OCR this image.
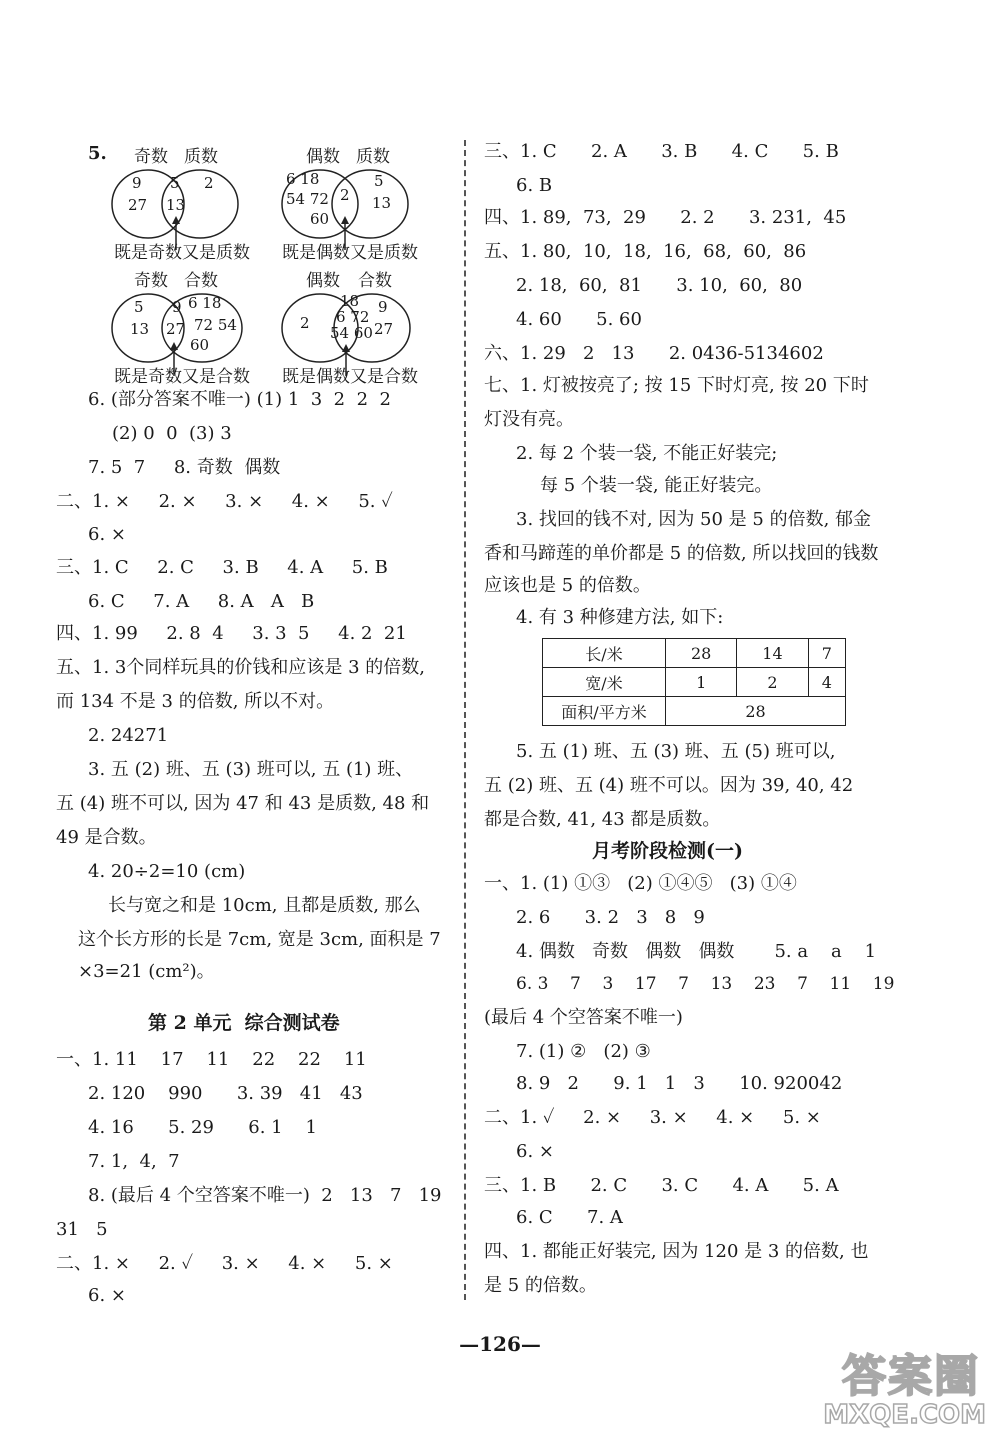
5. 奇数 质数
9
27
5
13
2
既是奇数又是质数
偶数 质数
6 18
54 72
60
2
5
13
既是偶数又是质数
奇数 合数
5
13
9
27
6 18
72 54
60
既是奇数又是合数
偶数 合数
2
18
6 72
54 60
9
27
既是偶数又是合数
6. (部分答案不唯一) (1) 1  3  2  2  2
(2) 0  0  (3) 3
7. 5  7     8. 奇数  偶数
二、1. ×     2. ×     3. ×     4. ×     5. ✓
6. ×
三、1. C     2. C     3. B     4. A     5. B
6. C     7. A     8. A   A   B
四、1. 99     2. 8  4     3. 3  5     4. 2  21
五、1. 3个同样玩具的价钱和应该是 3 的倍数,
而 134 不是 3 的倍数, 所以不对。
2. 24271
3. 五 (2) 班、五 (3) 班可以, 五 (1) 班、
五 (4) 班不可以, 因为 47 和 43 是质数, 48 和
49 是合数。
4. 20÷2=10 (cm)
长与宽之和是 10cm, 且都是质数, 那么
这个长方形的长是 7cm, 宽是 3cm, 面积是 7
×3=21 (cm²)。
第 2 单元  综合测试卷
一、1. 11    17    11    22    22    11
2. 120    990      3. 39   41   43
4. 16      5. 29      6. 1    1
7. 1,  4,  7
8. (最后 4 个空答案不唯一)  2   13   7   19
31   5
二、1. ×     2. ✓     3. ×     4. ×     5. ×
6. ×
三、1. C      2. A      3. B      4. C      5. B
6. B
四、1. 89,  73,  29      2. 2      3. 231,  45
五、1. 80,  10,  18,  16,  68,  60,  86
2. 18,  60,  81      3. 10,  60,  80
4. 60      5. 60
六、1. 29   2   13      2. 0436-5134602
七、1. 灯被按亮了; 按 15 下时灯亮, 按 20 下时
灯没有亮。
2. 每 2 个装一袋, 不能正好装完;
每 5 个装一袋, 能正好装完。
3. 找回的钱不对, 因为 50 是 5 的倍数, 郁金
香和马蹄莲的单价都是 5 的倍数, 所以找回的钱数
应该也是 5 的倍数。
4. 有 3 种修建方法, 如下:
长/米	28	14	7
宽/米	1	2	4
面积/平方米	28		
5. 五 (1) 班、五 (3) 班、五 (5) 班可以,
五 (2) 班、五 (4) 班不可以。因为 39, 40, 42
都是合数, 41, 43 都是质数。
月考阶段检测(一)
一、1. (1) ①③   (2) ①④⑤   (3) ①④
2. 6      3. 2   3   8   9
4. 偶数   奇数   偶数   偶数       5. a    a    1
6. 3    7    3    17    7    13    23    7    11    19
(最后 4 个空答案不唯一)
7. (1) ②   (2) ③
8. 9   2      9. 1   1   3      10. 920042
二、1. ✓     2. ×     3. ×     4. ×     5. ×
6. ×
三、1. B      2. C      3. C      4. A      5. A
6. C      7. A
四、1. 都能正好装完, 因为 120 是 3 的倍数, 也
是 5 的倍数。
—126—
答案圈
MXQE.COM
